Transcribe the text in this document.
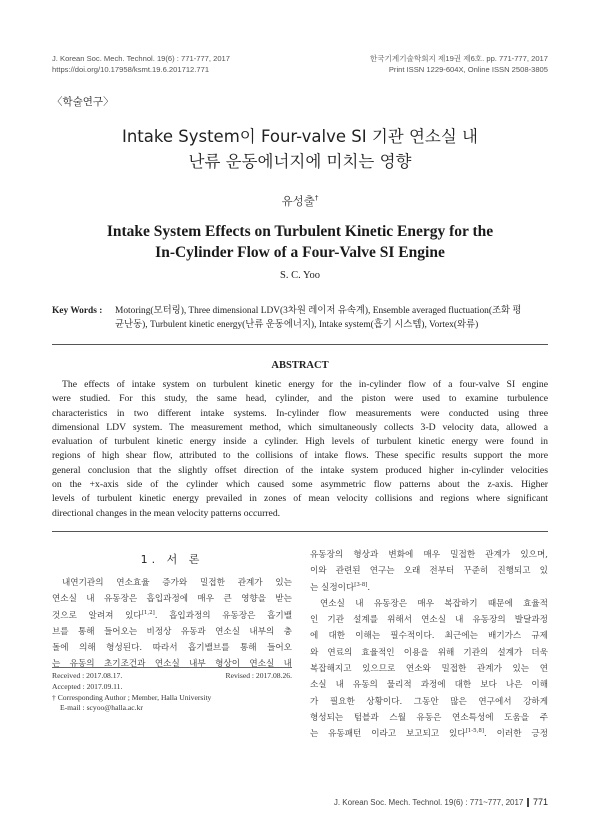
J. Korean Soc. Mech. Technol. 19(6) : 771-777, 2017
https://doi.org/10.17958/ksmt.19.6.201712.771
한국기계기술학회지 제19권 제6호. pp. 771-777, 2017
Print ISSN 1229-604X, Online ISSN 2508-3805
〈학술연구〉
Intake System이 Four-valve SI 기관 연소실 내
난류 운동에너지에 미치는 영향
유성출†
Intake System Effects on Turbulent Kinetic Energy for the
In-Cylinder Flow of a Four-Valve SI Engine
S. C. Yoo
Key Words : Motoring(모터링), Three dimensional LDV(3차원 레이저 유속계), Ensemble averaged fluctuation(조화 평
균난동), Turbulent kinetic energy(난류 운동에너지), Intake system(흡기 시스템), Vortex(와류)
ABSTRACT
The effects of intake system on turbulent kinetic energy for the in-cylinder flow of a four-valve SI engine
were studied. For this study, the same head, cylinder, and the piston were used to examine turbulence
characteristics in two different intake systems. In-cylinder flow measurements were conducted using three
dimensional LDV system. The measurement method, which simultaneously collects 3-D velocity data, allowed a
evaluation of turbulent kinetic energy inside a cylinder. High levels of turbulent kinetic energy were found in
regions of high shear flow, attributed to the collisions of intake flows. These specific results support the more
general conclusion that the slightly offset direction of the intake system produced higher in-cylinder velocities
on the +x-axis side of the cylinder which caused some asymmetric flow patterns about the z-axis. Higher
levels of turbulent kinetic energy prevailed in zones of mean velocity collisions and regions where significant
directional changes in the mean velocity patterns occurred.
1. 서 론
내연기관의 연소효율 증가와 밀접한 관계가 있는
연소실 내 유동장은 흡입과정에 매우 큰 영향을 받는
것으로 알려져 있다[1,2]. 흡입과정의 유동장은 흡기밸
브를 통해 들어오는 비정상 유동과 연소실 내부의 충
돌에 의해 형성된다. 따라서 흡기밸브를 통해 들어오
는 유동의 초기조건과 연소실 내부 형상이 연소실 내
Received : 2017.08.17.	Revised : 2017.08.26.
Accepted : 2017.09.11.
† Corresponding Author ; Member, Halla University
E-mail : scyoo@halla.ac.kr
유동장의 형상과 변화에 매우 밀접한 관계가 있으며,
이와 관련된 연구는 오래 전부터 꾸준히 진행되고 있
는 실정이다[3-8].
연소실 내 유동장은 매우 복잡하기 때문에 효율적
인 기관 설계를 위해서 연소실 내 유동장의 발달과정
에 대한 이해는 필수적이다. 최근에는 배기가스 규제
와 연료의 효율적인 이용을 위해 기관의 설계가 더욱
복잡해지고 있으므로 연소와 밀접한 관계가 있는 연
소실 내 유동의 물리적 과정에 대한 보다 나은 이해
가 필요한 상황이다. 그동안 많은 연구에서 강하게
형성되는 텀블과 스월 유동은 연소특성에 도움을 주
는 유동패턴 이라고 보고되고 있다[1-5,8]. 이러한 긍정
J. Korean Soc. Mech. Technol. 19(6) : 771~777, 2017 771
